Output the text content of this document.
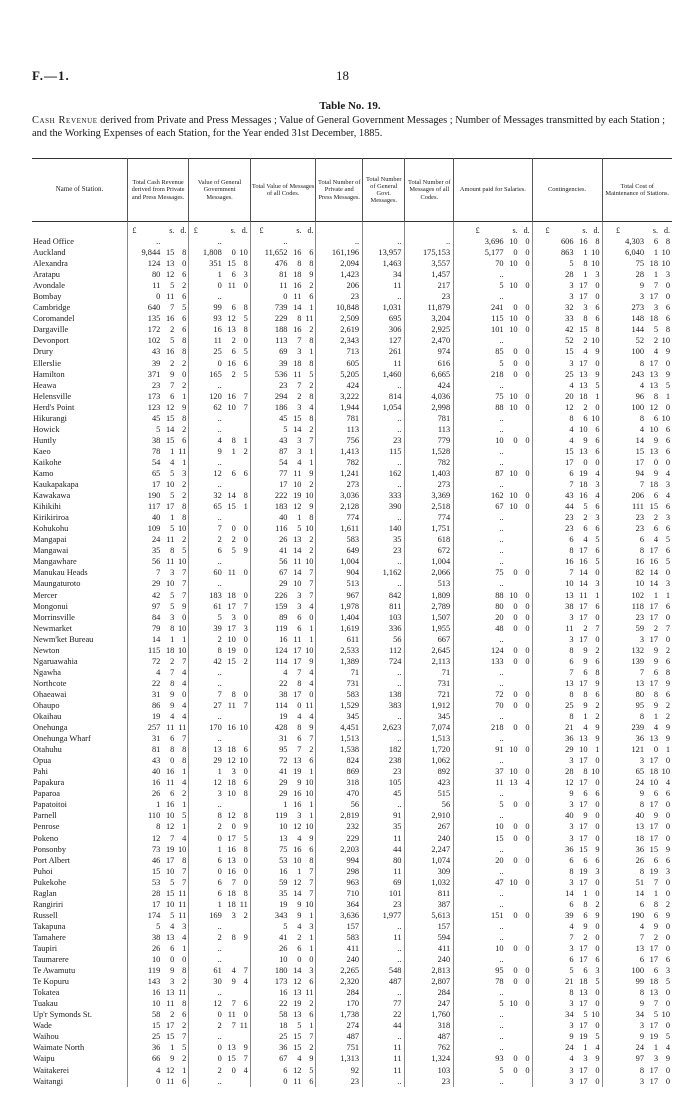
F.—1.	18
Table No. 19.
Cash Revenue derived from Private and Press Messages ; Value of General Government Messages ; Number of Messages transmitted by each Station ; and the Working Expenses of each Station, for the Year ended 31st December, 1885.
Name of Station.	Total Cash Revenue derived from Private and Press Messages.	Value of General Government Messages.	Total Value of Messages of all Codes.	Total Number of Private and Press Messages.	Total Number of General Govt. Messages.	Total Number of Messages of all Codes.	Amount paid for Salaries.	Contingencies.	Total Cost of Maintenance of Stations.

	£ s. d.	£ s. d.	£ s. d.				£ s. d.	£ s. d.	£ s. d.

Head Office	..	..	..	..	..	..	3,696 10 0	606 16 8	4,303 6 8

Auckland	9,844 15 8	1,808 0 10	11,652 16 6	161,196	13,957	175,153	5,177 0 0	863 1 10	6,040 1 10

Alexandra	124 13 0	351 15 8	476 8 8	2,094	1,463	3,557	70 10 0	5 8 10	75 18 10

Aratapu	80 12 6	1 6 3	81 18 9	1,423	34	1,457	..	28 1 3	28 1 3

Avondale	11 5 2	0 11 0	11 16 2	206	11	217	5 10 0	3 17 0	9 7 0

Bombay	0 11 6	..	0 11 6	23	..	23	..	3 17 0	3 17 0

Cambridge	640 7 5	99 6 8	739 14 1	10,848	1,031	11,879	241 0 0	32 3 6	273 3 6

Coromandel	135 16 6	93 12 5	229 8 11	2,509	695	3,204	115 10 0	33 8 6	148 18 6

Dargaville	172 2 6	16 13 8	188 16 2	2,619	306	2,925	101 10 0	42 15 8	144 5 8

Devonport	102 5 8	11 2 0	113 7 8	2,343	127	2,470	..	52 2 10	52 2 10

Drury	43 16 8	25 6 5	69 3 1	713	261	974	85 0 0	15 4 9	100 4 9

Ellerslie	39 2 2	0 16 6	39 18 8	605	11	616	5 0 0	3 17 0	8 17 0

Hamilton	371 9 0	165 2 5	536 11 5	5,205	1,460	6,665	218 0 0	25 13 9	243 13 9

Heawa	23 7 2	..	23 7 2	424	..	424	..	4 13 5	4 13 5

Helensville	173 6 1	120 16 7	294 2 8	3,222	814	4,036	75 10 0	20 18 1	96 8 1

Herd's Point	123 12 9	62 10 7	186 3 4	1,944	1,054	2,998	88 10 0	12 2 0	100 12 0

Hikurangi	45 15 8	..	45 15 8	781	..	781	..	8 6 10	8 6 10

Howick	5 14 2	..	5 14 2	113	..	113	..	4 10 6	4 10 6

Huntly	38 15 6	4 8 1	43 3 7	756	23	779	10 0 0	4 9 6	14 9 6

Kaeo	78 1 11	9 1 2	87 3 1	1,413	115	1,528	..	15 13 6	15 13 6

Kaikohe	54 4 1	..	54 4 1	782	..	782	..	17 0 0	17 0 0

Kamo	65 5 3	12 6 6	77 11 9	1,241	162	1,403	87 10 0	6 19 4	94 9 4

Kaukapakapa	17 10 2	..	17 10 2	273	..	273	..	7 18 3	7 18 3

Kawakawa	190 5 2	32 14 8	222 19 10	3,036	333	3,369	162 10 0	43 16 4	206 6 4

Kihikihi	117 17 8	65 15 1	183 12 9	2,128	390	2,518	67 10 0	44 5 6	111 15 6

Kirikiriroa	40 1 8	..	40 1 8	774	..	774	..	23 2 3	23 2 3

Kohukohu	109 5 10	7 0 0	116 5 10	1,611	140	1,751	..	23 6 6	23 6 6

Mangapai	24 11 2	2 2 0	26 13 2	583	35	618	..	6 4 5	6 4 5

Mangawai	35 8 5	6 5 9	41 14 2	649	23	672	..	8 17 6	8 17 6

Mangawhare	56 11 10	..	56 11 10	1,004	..	1,004	..	16 16 5	16 16 5

Manukau Heads	7 3 7	60 11 0	67 14 7	904	1,162	2,066	75 0 0	7 14 0	82 14 0

Maungaturoto	29 10 7	..	29 10 7	513	..	513	..	10 14 3	10 14 3

Mercer	42 5 7	183 18 0	226 3 7	967	842	1,809	88 10 0	13 11 1	102 1 1

Mongonui	97 5 9	61 17 7	159 3 4	1,978	811	2,789	80 0 0	38 17 6	118 17 6

Morrinsville	84 3 0	5 3 0	89 6 0	1,404	103	1,507	20 0 0	3 17 0	23 17 0

Newmarket	79 8 10	39 17 3	119 6 1	1,619	336	1,955	48 0 0	11 2 7	59 2 7

Newm'ket Bureau	14 1 1	2 10 0	16 11 1	611	56	667	..	3 17 0	3 17 0

Newton	115 18 10	8 19 0	124 17 10	2,533	112	2,645	124 0 0	8 9 2	132 9 2

Ngaruawahia	72 2 7	42 15 2	114 17 9	1,389	724	2,113	133 0 0	6 9 6	139 9 6

Ngawha	4 7 4	..	4 7 4	71	..	71	..	7 6 8	7 6 8

Northcote	22 8 4	..	22 8 4	731	..	731	..	13 17 9	13 17 9

Ohaeawai	31 9 0	7 8 0	38 17 0	583	138	721	72 0 0	8 8 6	80 8 6

Ohaupo	86 9 4	27 11 7	114 0 11	1,529	383	1,912	70 0 0	25 9 2	95 9 2

Okaihau	19 4 4	..	19 4 4	345	..	345	..	8 1 2	8 1 2

Onehunga	257 11 11	170 16 10	428 8 9	4,451	2,623	7,074	218 0 0	21 4 9	239 4 9

Onehunga Wharf	31 6 7	..	31 6 7	1,513	..	1,513	..	36 13 9	36 13 9

Otahuhu	81 8 8	13 18 6	95 7 2	1,538	182	1,720	91 10 0	29 10 1	121 0 1

Opua	43 0 8	29 12 10	72 13 6	824	238	1,062	..	3 17 0	3 17 0

Pahi	40 16 1	1 3 0	41 19 1	869	23	892	37 10 0	28 8 10	65 18 10

Papakura	16 11 4	12 18 6	29 9 10	318	105	423	11 13 4	12 17 0	24 10 4

Paparoa	26 6 2	3 10 8	29 16 10	470	45	515	..	9 6 6	9 6 6

Papatoitoi	1 16 1	..	1 16 1	56	..	56	5 0 0	3 17 0	8 17 0

Parnell	110 10 5	8 12 8	119 3 1	2,819	91	2,910	..	40 9 0	40 9 0

Penrose	8 12 1	2 0 9	10 12 10	232	35	267	10 0 0	3 17 0	13 17 0

Pokeno	12 7 4	0 17 5	13 4 9	229	11	240	15 0 0	3 17 0	18 17 0

Ponsonby	73 19 10	1 16 8	75 16 6	2,203	44	2,247	..	36 15 9	36 15 9

Port Albert	46 17 8	6 13 0	53 10 8	994	80	1,074	20 0 0	6 6 6	26 6 6

Puhoi	15 10 7	0 16 0	16 1 7	298	11	309	..	8 19 3	8 19 3

Pukekohe	53 5 7	6 7 0	59 12 7	963	69	1,032	47 10 0	3 17 0	51 7 0

Raglan	28 15 11	6 18 8	35 14 7	710	101	811	..	14 1 0	14 1 0

Rangiriri	17 10 11	1 18 11	19 9 10	364	23	387	..	6 8 2	6 8 2

Russell	174 5 11	169 3 2	343 9 1	3,636	1,977	5,613	151 0 0	39 6 9	190 6 9

Takapuna	5 4 3	..	5 4 3	157	..	157	..	4 9 0	4 9 0

Tamahere	38 13 4	2 8 9	41 2 1	583	11	594	..	7 2 0	7 2 0

Taupiri	26 6 1	..	26 6 1	411	..	411	10 0 0	3 17 0	13 17 0

Taumarere	10 0 0	..	10 0 0	240	..	240	..	6 17 6	6 17 6

Te Awamutu	119 9 8	61 4 7	180 14 3	2,265	548	2,813	95 0 0	5 6 3	100 6 3

Te Kopuru	143 3 2	30 9 4	173 12 6	2,320	487	2,807	78 0 0	21 18 5	99 18 5

Tokatea	16 13 11	..	16 13 11	284	..	284	..	8 13 0	8 13 0

Tuakau	10 11 8	12 7 6	22 19 2	170	77	247	5 10 0	3 17 0	9 7 0

Up'r Symonds St.	58 2 6	0 11 0	58 13 6	1,738	22	1,760	..	34 5 10	34 5 10

Wade	15 17 2	2 7 11	18 5 1	274	44	318	..	3 17 0	3 17 0

Waihou	25 15 7	..	25 15 7	487	..	487	..	9 19 5	9 19 5

Waimate North	36 1 5	0 13 9	36 15 2	751	11	762	..	24 1 4	24 1 4

Waipu	66 9 2	0 15 7	67 4 9	1,313	11	1,324	93 0 0	4 3 9	97 3 9

Waitakerei	4 12 1	2 0 4	6 12 5	92	11	103	5 0 0	3 17 0	8 17 0

Waitangi	0 11 6	..	0 11 6	23	..	23	..	3 17 0	3 17 0
